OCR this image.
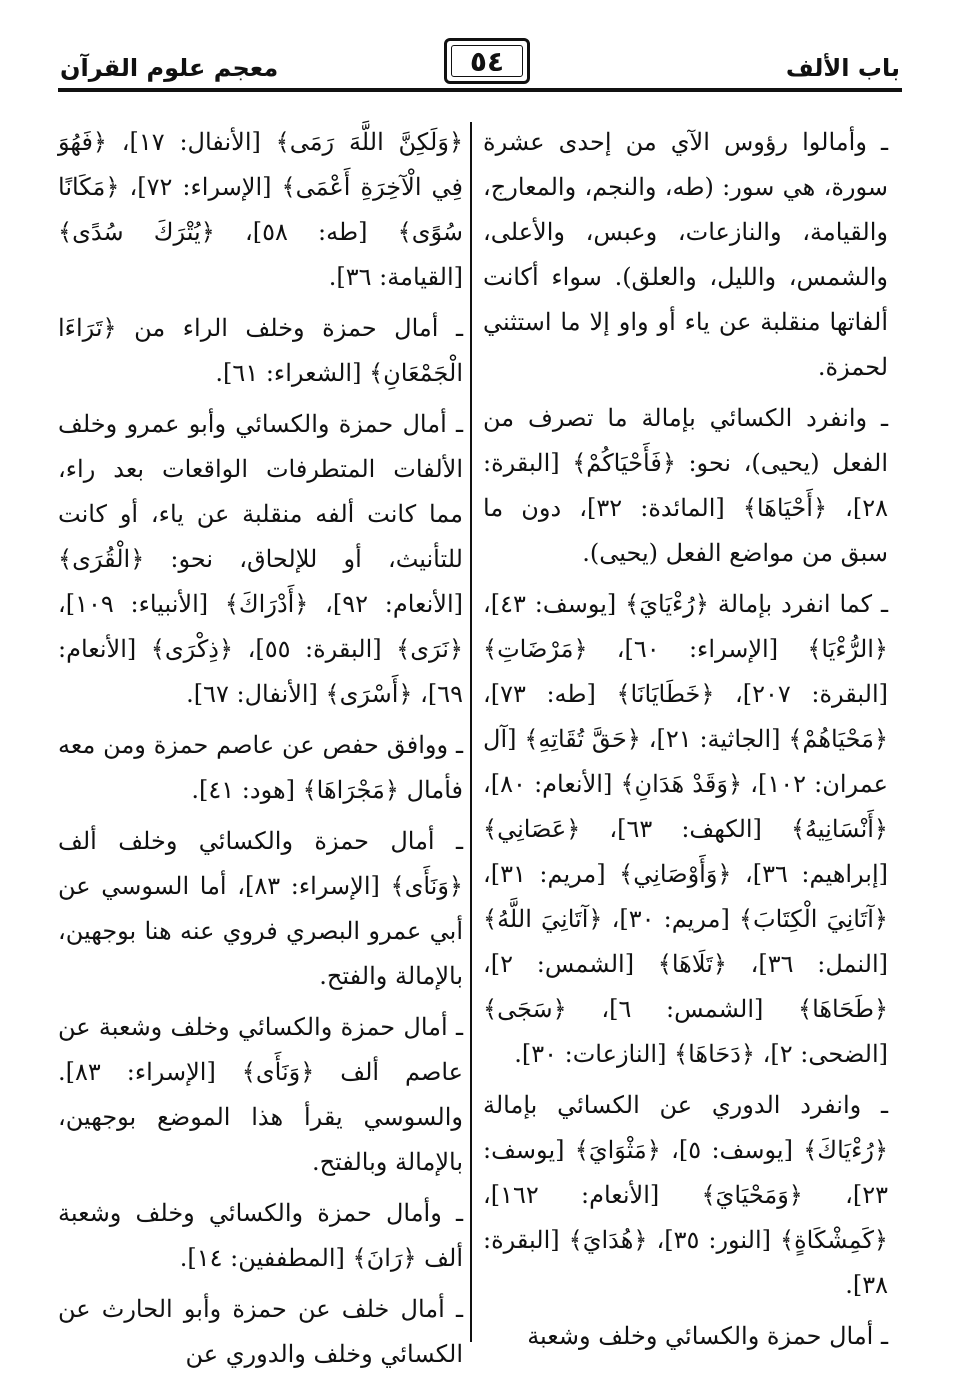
باب الألف
٥٤
معجم علوم القرآن

ـ وأمالوا رؤوس الآي من إحدى عشرة سورة، هي سور: (طه، والنجم، والمعارج، والقيامة، والنازعات، وعبس، والأعلى، والشمس، والليل، والعلق). سواء أكانت ألفاتها منقلبة عن ياء أو واو إلا ما استثني لحمزة.

ـ وانفرد الكسائي بإمالة ما تصرف من الفعل (يحيى)، نحو: ﴿فَأَحْيَاكُمْ﴾ [البقرة: ٢٨]، ﴿أَحْيَاهَا﴾ [المائدة: ٣٢]، دون ما سبق من مواضع الفعل (يحيى).

ـ كما انفرد بإمالة ﴿رُءْيَايَ﴾ [يوسف: ٤٣]، ﴿الرُّءْيَا﴾ [الإسراء: ٦٠]، ﴿مَرْضَاتِ﴾ [البقرة: ٢٠٧]، ﴿خَطَايَانَا﴾ [طه: ٧٣]، ﴿مَحْيَاهُمْ﴾ [الجاثية: ٢١]، ﴿حَقَّ تُقَاتِهِ﴾ [آل عمران: ١٠٢]، ﴿وَقَدْ هَدَانِ﴾ [الأنعام: ٨٠]، ﴿أَنْسَانِيهُ﴾ [الكهف: ٦٣]، ﴿عَصَانِي﴾ [إبراهيم: ٣٦]، ﴿وَأَوْصَانِي﴾ [مريم: ٣١]، ﴿آتَانِيَ الْكِتَابَ﴾ [مريم: ٣٠]، ﴿آتَانِيَ اللَّهُ﴾ [النمل: ٣٦]، ﴿تَلَاهَا﴾ [الشمس: ٢]، ﴿طَحَاهَا﴾ [الشمس: ٦]، ﴿سَجَى﴾ [الضحى: ٢]، ﴿دَحَاهَا﴾ [النازعات: ٣٠].

ـ وانفرد الدوري عن الكسائي بإمالة ﴿رُءْيَاكَ﴾ [يوسف: ٥]، ﴿مَثْوَايَ﴾ [يوسف: ٢٣]، ﴿وَمَحْيَايَ﴾ [الأنعام: ١٦٢]، ﴿كَمِشْكَاةٍ﴾ [النور: ٣٥]، ﴿هُدَايَ﴾ [البقرة: ٣٨].

ـ أمال حمزة والكسائي وخلف وشعبة

﴿وَلَكِنَّ اللَّهَ رَمَى﴾ [الأنفال: ١٧]، ﴿فَهُوَ فِي الْآخِرَةِ أَعْمَى﴾ [الإسراء: ٧٢]، ﴿مَكَانًا سُوًى﴾ [طه: ٥٨]، ﴿يُتْرَكَ سُدًى﴾ [القيامة: ٣٦].

ـ أمال حمزة وخلف الراء من ﴿تَرَاءَا الْجَمْعَانِ﴾ [الشعراء: ٦١].

ـ أمال حمزة والكسائي وأبو عمرو وخلف الألفات المتطرفات الواقعات بعد راء، مما كانت ألفه منقلبة عن ياء، أو كانت للتأنيث، أو للإلحاق، نحو: ﴿الْقُرَى﴾ [الأنعام: ٩٢]، ﴿أَدْرَاكَ﴾ [الأنبياء: ١٠٩]، ﴿نَرَى﴾ [البقرة: ٥٥]، ﴿ذِكْرَى﴾ [الأنعام: ٦٩]، ﴿أَسْرَى﴾ [الأنفال: ٦٧].

ـ ووافق حفص عن عاصم حمزة ومن معه فأمال ﴿مَجْرَاهَا﴾ [هود: ٤١].

ـ أمال حمزة والكسائي وخلف ألف ﴿وَنَأَى﴾ [الإسراء: ٨٣]، أما السوسي عن أبي عمرو البصري فروي عنه هنا بوجهين، بالإمالة والفتح.

ـ أمال حمزة والكسائي وخلف وشعبة عن عاصم ألف ﴿وَنَأَى﴾ [الإسراء: ٨٣]. والسوسي يقرأ هذا الموضع بوجهين، بالإمالة وبالفتح.

ـ وأمال حمزة والكسائي وخلف وشعبة ألف ﴿رَانَ﴾ [المطففين: ١٤].

ـ أمال خلف عن حمزة وأبو الحارث عن الكسائي وخلف والدوري عن
